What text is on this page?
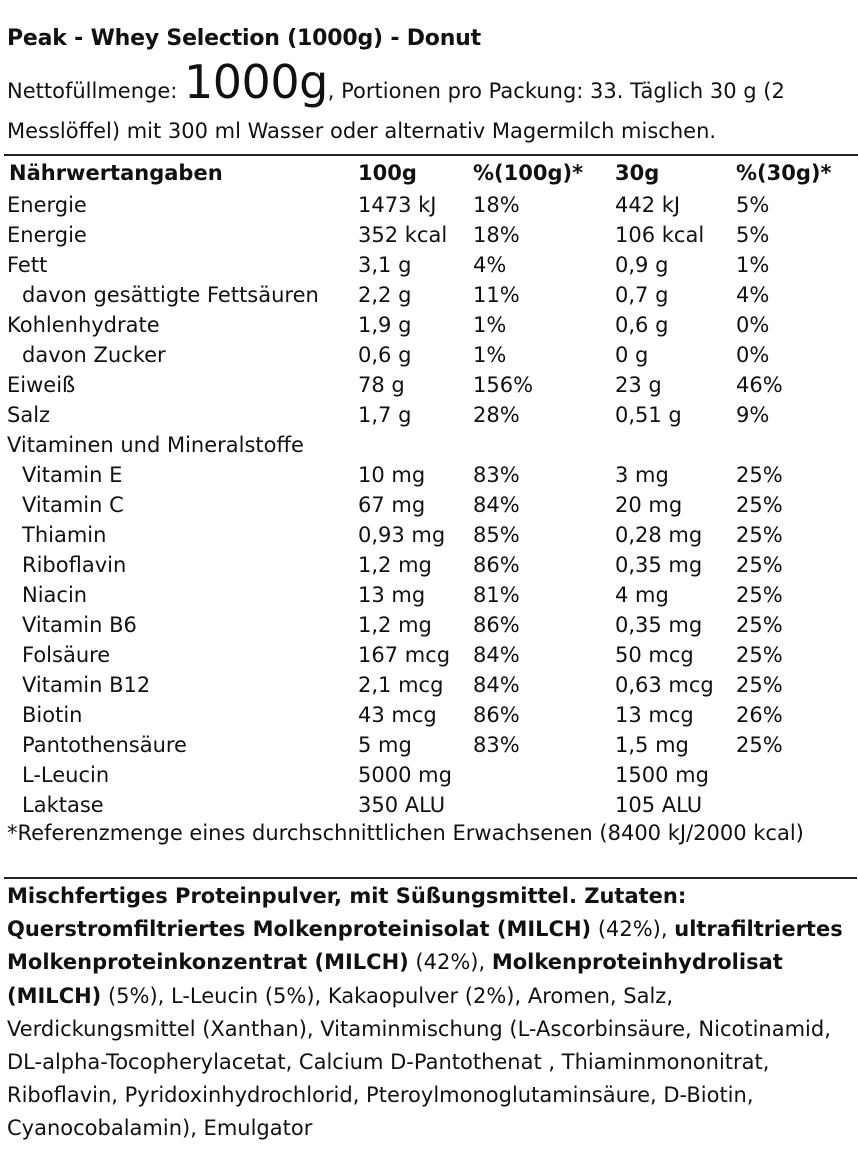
Peak - Whey Selection (1000g) - Donut
Nettofüllmenge: 1000g, Portionen pro Packung: 33. Täglich 30 g (2 Messlöffel) mit 300 ml Wasser oder alternativ Magermilch mischen.
Nährwertangaben	100g	%(100g)*	30g	%(30g)*
Energie	1473 kJ	18%	442 kJ	5%
Energie	352 kcal	18%	106 kcal	5%
Fett	3,1 g	4%	0,9 g	1%
davon gesättigte Fettsäuren	2,2 g	11%	0,7 g	4%
Kohlenhydrate	1,9 g	1%	0,6 g	0%
davon Zucker	0,6 g	1%	0 g	0%
Eiweiß	78 g	156%	23 g	46%
Salz	1,7 g	28%	0,51 g	9%
Vitaminen und Mineralstoffe				
Vitamin E	10 mg	83%	3 mg	25%
Vitamin C	67 mg	84%	20 mg	25%
Thiamin	0,93 mg	85%	0,28 mg	25%
Riboflavin	1,2 mg	86%	0,35 mg	25%
Niacin	13 mg	81%	4 mg	25%
Vitamin B6	1,2 mg	86%	0,35 mg	25%
Folsäure	167 mcg	84%	50 mcg	25%
Vitamin B12	2,1 mcg	84%	0,63 mcg	25%
Biotin	43 mcg	86%	13 mcg	26%
Pantothensäure	5 mg	83%	1,5 mg	25%
L-Leucin	5000 mg		1500 mg	
Laktase	350 ALU		105 ALU	
*Referenzmenge eines durchschnittlichen Erwachsenen (8400 kJ/2000 kcal)
Mischfertiges Proteinpulver, mit Süßungsmittel. Zutaten: Querstromfiltriertes Molkenproteinisolat (MILCH) (42%), ultrafiltriertes Molkenproteinkonzentrat (MILCH) (42%), Molkenproteinhydrolisat (MILCH) (5%), L-Leucin (5%), Kakaopulver (2%), Aromen, Salz, Verdickungsmittel (Xanthan), Vitaminmischung (L-Ascorbinsäure, Nicotinamid, DL-alpha-Tocopherylacetat, Calcium D-Pantothenat , Thiaminmononitrat, Riboflavin, Pyridoxinhydrochlorid, Pteroylmonoglutaminsäure, D-Biotin, Cyanocobalamin), Emulgator
